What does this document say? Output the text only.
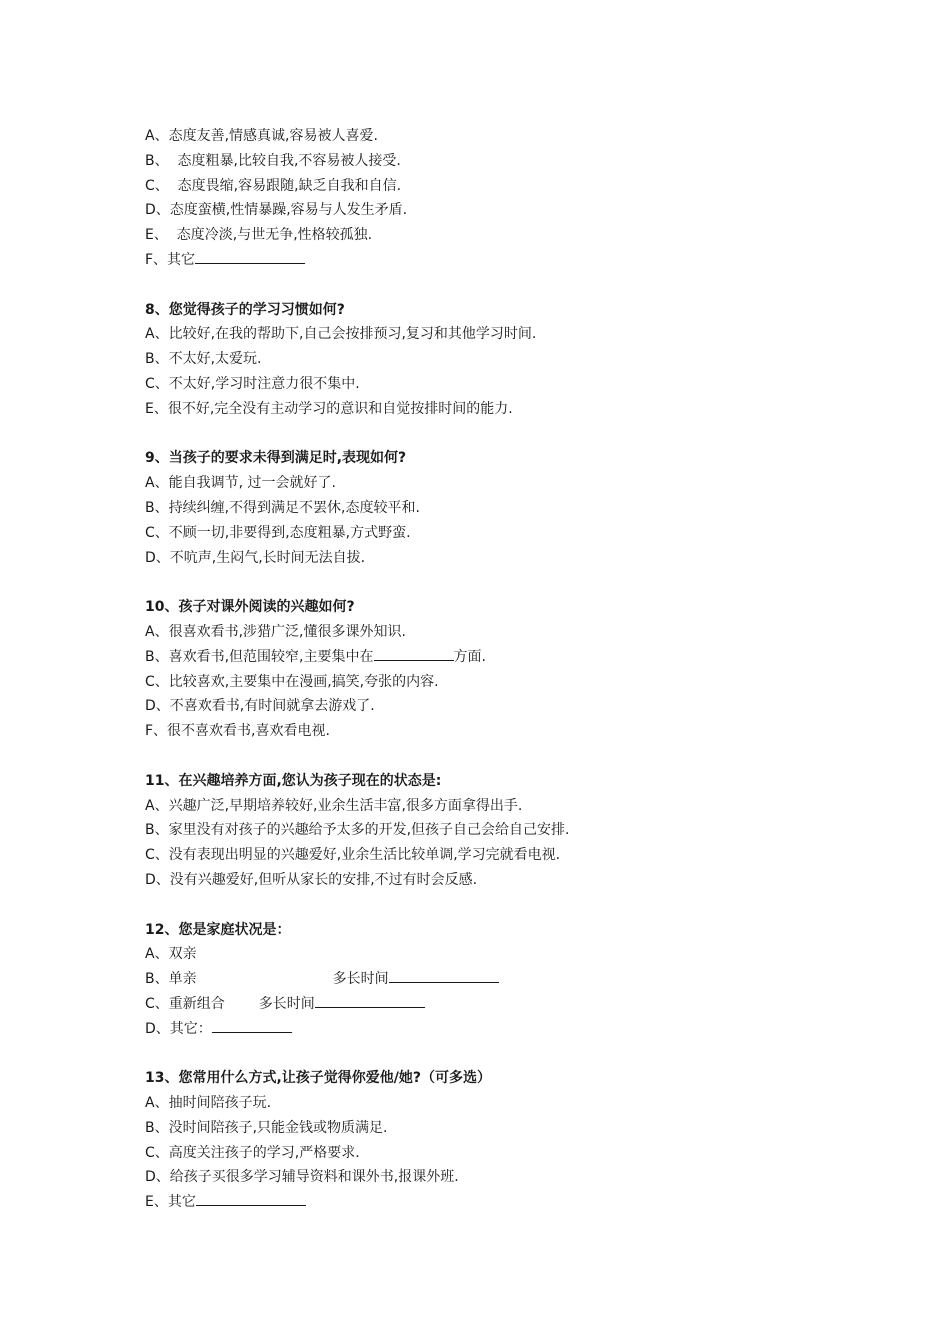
A、态度友善,情感真诚,容易被人喜爱.
B、  态度粗暴,比较自我,不容易被人接受.
C、  态度畏缩,容易跟随,缺乏自我和自信.
D、态度蛮横,性情暴躁,容易与人发生矛盾.
E、  态度冷淡,与世无争,性格较孤独.
F、其它
8、您觉得孩子的学习习惯如何?
A、比较好,在我的帮助下,自己会按排预习,复习和其他学习时间.
B、不太好,太爱玩.
C、不太好,学习时注意力很不集中.
E、很不好,完全没有主动学习的意识和自觉按排时间的能力.
9、当孩子的要求未得到满足时,表现如何?
A、能自我调节, 过一会就好了.
B、持续纠缠,不得到满足不罢休,态度较平和.
C、不顾一切,非要得到,态度粗暴,方式野蛮.
D、不吭声,生闷气,长时间无法自拔.
10、孩子对课外阅读的兴趣如何?
A、很喜欢看书,涉猎广泛,懂很多课外知识.
B、喜欢看书,但范围较窄,主要集中在	方面.
C、比较喜欢,主要集中在漫画,搞笑,夸张的内容.
D、不喜欢看书,有时间就拿去游戏了.
F、很不喜欢看书,喜欢看电视.
11、在兴趣培养方面,您认为孩子现在的状态是:
A、兴趣广泛,早期培养较好,业余生活丰富,很多方面拿得出手.
B、家里没有对孩子的兴趣给予太多的开发,但孩子自己会给自己安排.
C、没有表现出明显的兴趣爱好,业余生活比较单调,学习完就看电视.
D、没有兴趣爱好,但听从家长的安排,不过有时会反感.
12、您是家庭状况是：
A、双亲
B、单亲	多长时间
C、重新组合 多长时间
D、其它：
13、您常用什么方式,让孩子觉得你爱他/她?（可多选）
A、抽时间陪孩子玩.
B、没时间陪孩子,只能金钱或物质满足.
C、高度关注孩子的学习,严格要求.
D、给孩子买很多学习辅导资料和课外书,报课外班.
E、其它
